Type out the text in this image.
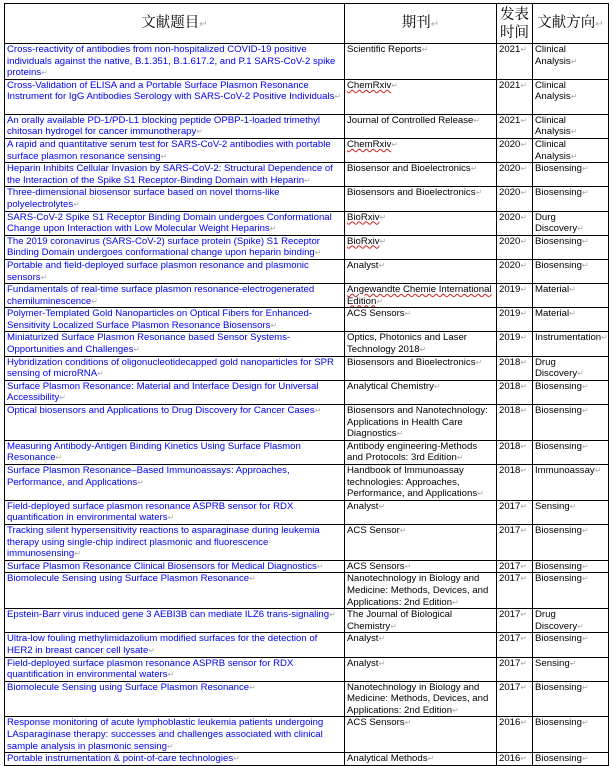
文献题目↵	期刊↵	发表
时间	文献方向↵
Cross-reactivity of antibodies from non-hospitalized COVID-19 positive individuals against the native, B.1.351, B.1.617.2, and P.1 SARS-CoV-2 spike proteins↵	Scientific Reports↵	2021↵	Clinical Analysis↵
Cross-Validation of ELISA and a Portable Surface Plasmon Resonance Instrument for IgG Antibodies Serology with SARS-CoV-2 Positive Individuals↵	ChemRxiv↵	2021↵	Clinical Analysis↵
An orally available PD-1/PD-L1 blocking peptide OPBP-1-loaded trimethyl chitosan hydrogel for cancer immunotherapy↵	Journal of Controlled Release↵	2021↵	Clinical Analysis↵
A rapid and quantitative serum test for SARS-CoV-2 antibodies with portable surface plasmon resonance sensing↵	ChemRxiv↵	2020↵	Clinical Analysis↵
Heparin Inhibits Cellular Invasion by SARS-CoV-2: Structural Dependence of the Interaction of the Spike S1 Receptor-Binding Domain with Heparin↵	Biosensor and Bioelectronics↵	2020↵	Biosensing↵
Three-dimensional biosensor surface based on novel thorns-like polyelectrolytes↵	Biosensors and Bioelectronics↵	2020↵	Biosensing↵
SARS-CoV-2 Spike S1 Receptor Binding Domain undergoes Conformational Change upon Interaction with Low Molecular Weight Heparins↵	BioRxiv↵	2020↵	Durg Discovery↵
The 2019 coronavirus (SARS-CoV-2) surface protein (Spike) S1 Receptor Binding Domain undergoes conformational change upon heparin binding↵	BioRxiv↵	2020↵	Biosensing↵
Portable and field-deployed surface plasmon resonance and plasmonic sensors↵	Analyst↵	2020↵	Biosensing↵
Fundamentals of real-time surface plasmon resonance-electrogenerated chemiluminescence↵	Angewandte Chemie International Edition↵	2019↵	Material↵
Polymer-Templated Gold Nanoparticles on Optical Fibers for Enhanced-Sensitivity Localized Surface Plasmon Resonance Biosensors↵	ACS Sensors↵	2019↵	Material↵
Miniaturized Surface Plasmon Resonance based Sensor Systems-Opportunities and Challenges↵	Optics, Photonics and Laser Technology 2018↵	2019↵	Instrumentation↵
Hybridization conditions of oligonucleotidecapped gold nanoparticles for SPR sensing of microRNA↵	Biosensors and Bioelectronics↵	2018↵	Drug Discovery↵
Surface Plasmon Resonance: Material and Interface Design for Universal Accessibility↵	Analytical Chemistry↵	2018↵	Biosensing↵
Optical biosensors and Applications to Drug Discovery for Cancer Cases↵	Biosensors and Nanotechnology: Applications in Health Care Diagnostics↵	2018↵	Biosensing↵
Measuring Antibody-Antigen Binding Kinetics Using Surface Plasmon Resonance↵	Antibody engineering-Methods and Protocols: 3rd Edition↵	2018↵	Biosensing↵
Surface Plasmon Resonance–Based Immunoassays: Approaches, Performance, and Applications↵	Handbook of Immunoassay technologies: Approaches, Performance, and Applications↵	2018↵	Immunoassay↵
Field-deployed surface plasmon resonance ASPRB sensor for RDX quantification in environmental waters↵	Analyst↵	2017↵	Sensing↵
Tracking silent hypersensitivity reactions to asparaginase during leukemia therapy using single-chip indirect plasmonic and fluorescence immunosensing↵	ACS Sensor↵	2017↵	Biosensing↵
Surface Plasmon Resonance Clinical Biosensors for Medical Diagnostics↵	ACS Sensors↵	2017↵	Biosensing↵
Biomolecule Sensing using Surface Plasmon Resonance↵	Nanotechnology in Biology and Medicine: Methods, Devices, and Applications: 2nd Edition↵	2017↵	Biosensing↵
Epstein-Barr virus induced gene 3 AEBI3B can mediate ILZ6 trans-signaling↵	The Journal of Biological Chemistry↵	2017↵	Drug Discovery↵
Ultra-low fouling methylimidazolium modified surfaces for the detection of HER2 in breast cancer cell lysate↵	Analyst↵	2017↵	Biosensing↵
Field-deployed surface plasmon resonance ASPRB sensor for RDX quantification in environmental waters↵	Analyst↵	2017↵	Sensing↵
Biomolecule Sensing using Surface Plasmon Resonance↵	Nanotechnology in Biology and Medicine: Methods, Devices, and Applications: 2nd Edition↵	2017↵	Biosensing↵
Response monitoring of acute lymphoblastic leukemia patients undergoing LAsparaginase therapy: successes and challenges associated with clinical sample analysis in plasmonic sensing↵	ACS Sensors↵	2016↵	Biosensing↵
Portable instrumentation & point-of-care technologies↵	Analytical Methods↵	2016↵	Biosensing↵
